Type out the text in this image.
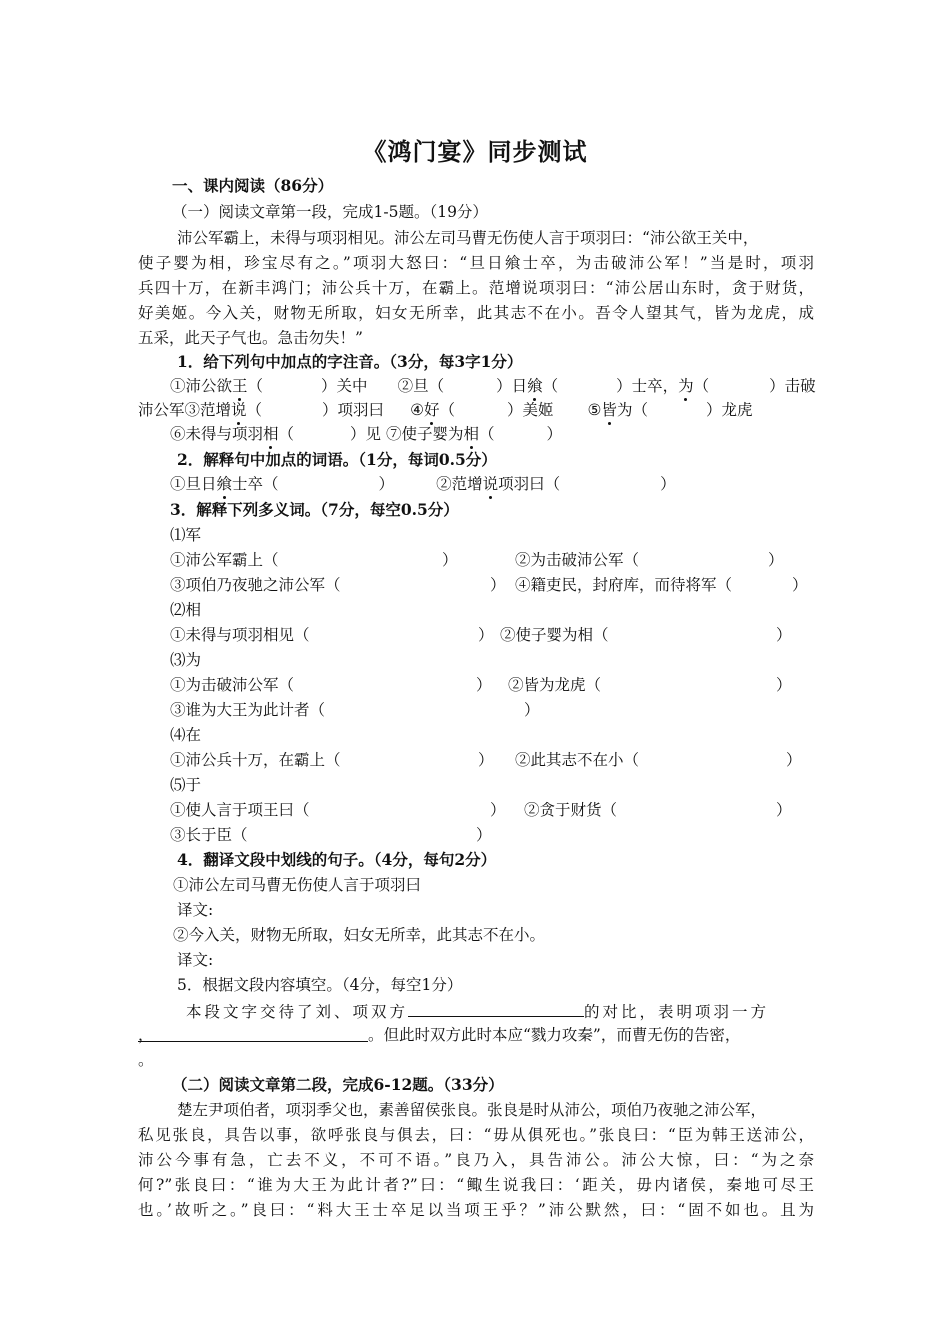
《鸿门宴》同步测试
一、课内阅读（86分）
（一）阅读文章第一段，完成1-5题。（19分）
沛公军霸上，未得与项羽相见。沛公左司马曹无伤使人言于项羽曰：“沛公欲王关中，
使子婴为相，珍宝尽有之。”项羽大怒曰：“旦日飨士卒，为击破沛公军！”当是时，项羽
兵四十万，在新丰鸿门；沛公兵十万，在霸上。范增说项羽曰：“沛公居山东时，贪于财货，
好美姬。今入关，财物无所取，妇女无所幸，此其志不在小。吾令人望其气，皆为龙虎，成
五采，此天子气也。急击勿失！”
1．给下列句中加点的字注音。（3分，每3字1分）
①沛公欲王（	）关中 ②旦（	）日飨（	）士卒，为（	）击破
沛公军③范增说（	）项羽曰 ④好（	）美姬 ⑤皆为（	）龙虎
⑥未得与项羽相（	）见 ⑦使子婴为相（	）
2．解释句中加点的词语。（1分，每词0.5分）
①旦日飨士卒（	）	②范增说项羽曰（	）
3．解释下列多义词。（7分，每空0.5分）
⑴军
①沛公军霸上（	）	②为击破沛公军（	）
③项伯乃夜驰之沛公军（	） ④籍吏民，封府库，而待将军（	）
⑵相
①未得与项羽相见（	） ②使子婴为相（	）
⑶为
①为击破沛公军（	） ②皆为龙虎（	）
③谁为大王为此计者（	）
⑷在
①沛公兵十万，在霸上（	） ②此其志不在小（	）
⑸于
①使人言于项王曰（	） ②贪于财货（	）
③长于臣（	）
4．翻译文段中划线的句子。（4分，每句2分）
①沛公左司马曹无伤使人言于项羽曰
译文:
②今入关，财物无所取，妇女无所幸，此其志不在小。
译文:
5．根据文段内容填空。（4分，每空1分）
本段文字交待了刘、项双方	的对比，表明项羽一方
，	。但此时双方此时本应“戮力攻秦”，而曹无伤的告密，
。
（二）阅读文章第二段，完成6-12题。（33分）
楚左尹项伯者，项羽季父也，素善留侯张良。张良是时从沛公，项伯乃夜驰之沛公军，
私见张良，具告以事，欲呼张良与俱去，曰：“毋从俱死也。”张良曰：“臣为韩王送沛公，
沛公今事有急，亡去不义，不可不语。”良乃入，具告沛公。沛公大惊，曰：“为之奈
何?”张良曰：“谁为大王为此计者?”曰：“鲰生说我曰：‘距关，毋内诸侯，秦地可尽王
也。’故听之。”良曰：“料大王士卒足以当项王乎？”沛公默然，曰：“固不如也。且为
